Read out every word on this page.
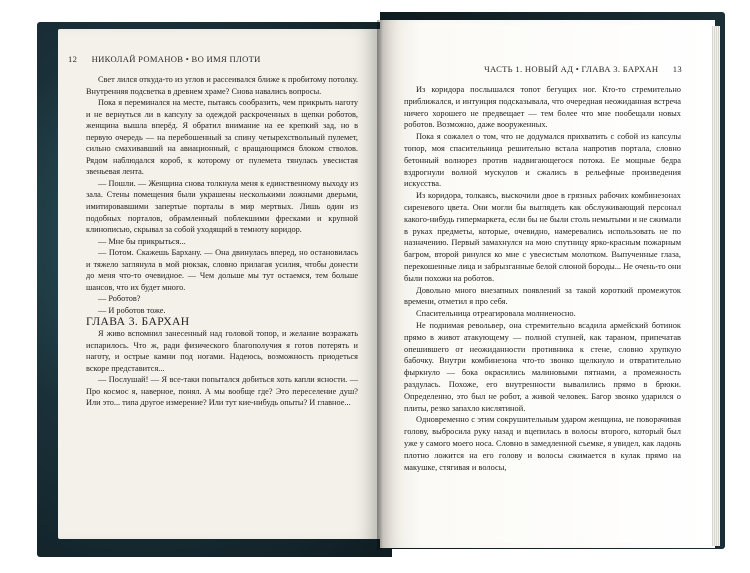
12 НИКОЛАЙ РОМАНОВ • ВО ИМЯ ПЛОТИ
ЧАСТЬ 1. НОВЫЙ АД • ГЛАВА 3. БАРХАН 13

Свет лился откуда-то из углов и рассеивался ближе к пробитому потолку. Внутренняя подсветка в древнем храме? Снова навались вопросы.

Пока я переминался на месте, пытаясь сообразить, чем прикрыть наготу и не вернуться ли в капсулу за одеждой раскроченных в щепки роботов, женщина вышла вперёд. Я обратил внимание на ее крепкий зад, но в первую очередь — на перебошенный за спину четырехствольный пулемет, сильно смахивавший на авиационный, с вращающимся блоком стволов. Рядом наблюдался короб, к которому от пулемета тянулась увесистая звеньевая лента.

— Пошли. — Женщина снова толкнула меня к единственному выходу из зала. Стены помещения были украшены несколькими ложными дверьми, имитировавшими запертые порталы в мир мертвых. Лишь один из подобных порталов, обрамленный поблекшими фресками и крупной клинописью, скрывал за собой уходящий в темноту коридор.

— Мне бы прикрыться...

— Потом. Скажешь Бархану. — Она двинулась вперед, но остановилась и тяжело заглянула в мой рюкзак, словно прилагая усилия, чтобы донести до меня что-то очевидное. — Чем дольше мы тут остаемся, тем больше шансов, что их будет много.

— Роботов?

— И роботов тоже.

ГЛАВА 3. БАРХАН

Я живо вспомнил занесенный над головой топор, и желание возражать испарилось. Что ж, ради физического благополучия я готов потерять и наготу, и острые камни под ногами. Надеюсь, возможность приодеться вскоре представится...

— Послушай! — Я все-таки попытался добиться хоть капли ясности. — Про космос я, наверное, понял. А мы вообще где? Это переселение душ? Или это... типа другое измерение? Или тут кие-нибудь опыты? И главное...

Из коридора послышался топот бегущих ног. Кто-то стремительно приближался, и интуиция подсказывала, что очередная неожиданная встреча ничего хорошего не предвещает — тем более что мне пообещали новых роботов. Возможно, даже вооруженных.

Пока я сожалел о том, что не додумался прихватить с собой из капсулы топор, моя спасительница решительно встала напротив портала, словно бетонный волнорез против надвигающегося потока. Ее мощные бедра вздрогнули волной мускулов и сжались в рельефные произведения искусства.

Из коридора, толкаясь, выскочили двое в грязных рабочих комбинезонах сиреневого цвета. Они могли бы выглядеть как обслуживающий персонал какого-нибудь гипермаркета, если бы не были столь немытыми и не сжимали в руках предметы, которые, очевидно, намеревались использовать не по назначению. Первый замахнулся на мою спутницу ярко-красным пожарным багром, второй ринулся ко мне с увесистым молотком. Выпученные глаза, перекошенные лица и забрызганные белой слюной бороды... Не очень-то они были похожи на роботов.

Довольно много внезапных появлений за такой короткий промежуток времени, отметил я про себя.

Спасительница отреагировала молниеносно.

Не поднимая револьвер, она стремительно всадила армейский ботинок прямо в живот атакующему — полной ступней, как тараном, припечатав опешившего от неожиданности противника к стене, словно хрупкую бабочку. Внутри комбинезона что-то звонко щелкнуло и отвратительно фыркнуло — бока окрасились малиновыми пятнами, а промежность раздулась. Похоже, его внутренности вывалились прямо в брюки. Определенно, это был не робот, а живой человек. Багор звонко ударился о плиты, резко запахло кислятиной.

Одновременно с этим сокрушительным ударом женщина, не поворачивая голову, выбросила руку назад и вцепилась в волосы второго, который был уже у самого моего носа. Словно в замедленной съемке, я увидел, как ладонь плотно ложится на его голову и волосы сжимается в кулак прямо на макушке, стягивая и волосы,
